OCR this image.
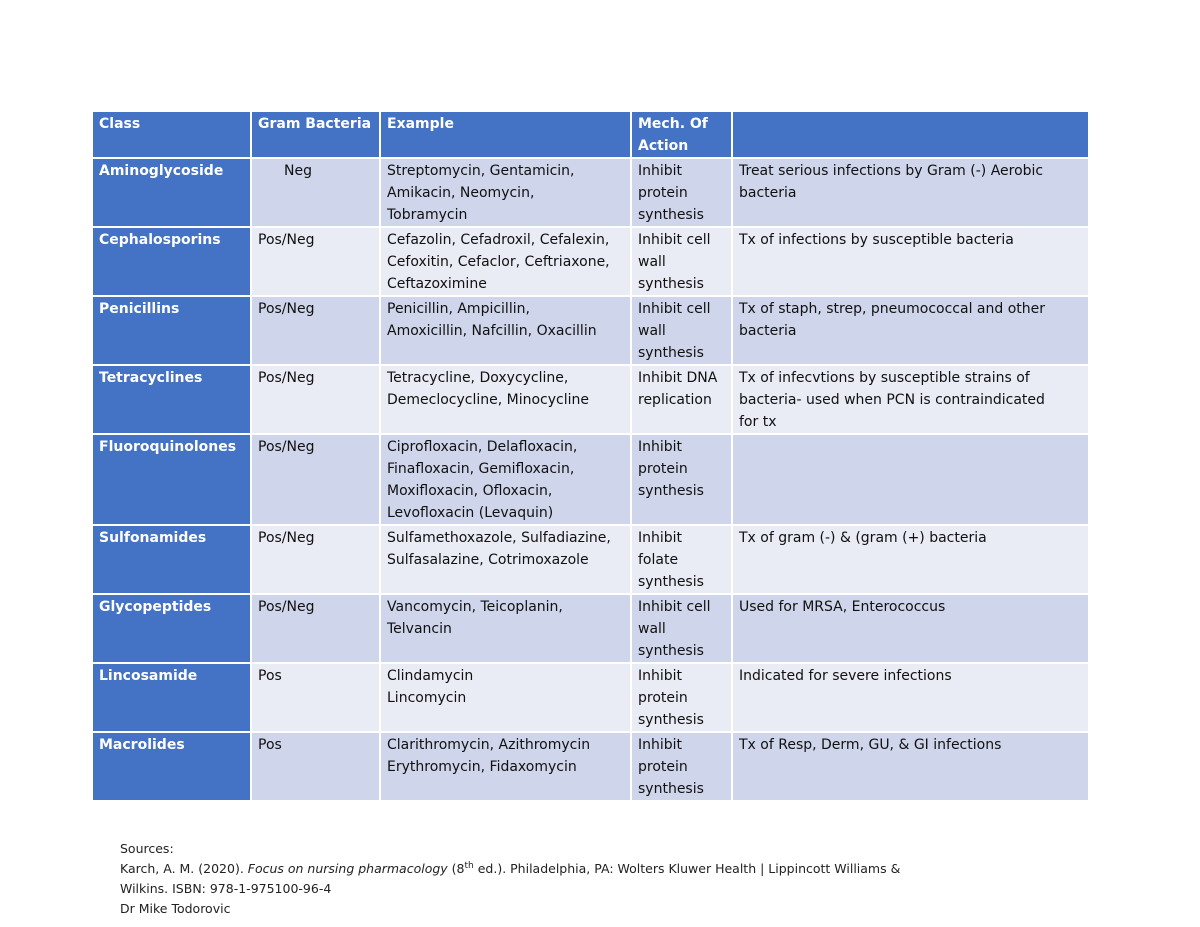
Class	Gram Bacteria	Example	Mech. Of Action	
Aminoglycoside	Neg	Streptomycin, Gentamicin,
Amikacin, Neomycin,
Tobramycin	Inhibit
protein
synthesis	Treat serious infections by Gram (-) Aerobic
bacteria
Cephalosporins	Pos/Neg	Cefazolin, Cefadroxil, Cefalexin,
Cefoxitin, Cefaclor, Ceftriaxone,
Ceftazoximine	Inhibit cell
wall
synthesis	Tx of infections by susceptible bacteria
Penicillins	Pos/Neg	Penicillin, Ampicillin,
Amoxicillin, Nafcillin, Oxacillin	Inhibit cell
wall
synthesis	Tx of staph, strep, pneumococcal and other
bacteria
Tetracyclines	Pos/Neg	Tetracycline, Doxycycline,
Demeclocycline, Minocycline	Inhibit DNA
replication	Tx of infecvtions by susceptible strains of
bacteria- used when PCN is contraindicated
for tx
Fluoroquinolones	Pos/Neg	Ciprofloxacin, Delafloxacin,
Finafloxacin, Gemifloxacin,
Moxifloxacin, Ofloxacin,
Levofloxacin (Levaquin)	Inhibit
protein
synthesis	
Sulfonamides	Pos/Neg	Sulfamethoxazole, Sulfadiazine,
Sulfasalazine, Cotrimoxazole	Inhibit
folate
synthesis	Tx of gram (-) & (gram (+) bacteria
Glycopeptides	Pos/Neg	Vancomycin, Teicoplanin,
Telvancin	Inhibit cell
wall
synthesis	Used for MRSA, Enterococcus
Lincosamide	Pos	Clindamycin
Lincomycin	Inhibit
protein
synthesis	Indicated for severe infections
Macrolides	Pos	Clarithromycin, Azithromycin
Erythromycin, Fidaxomycin	Inhibit
protein
synthesis	Tx of Resp, Derm, GU, & GI infections
Sources:
Karch, A. M. (2020). Focus on nursing pharmacology (8th ed.). Philadelphia, PA: Wolters Kluwer Health | Lippincott Williams &
Wilkins. ISBN: 978-1-975100-96-4
Dr Mike Todorovic
